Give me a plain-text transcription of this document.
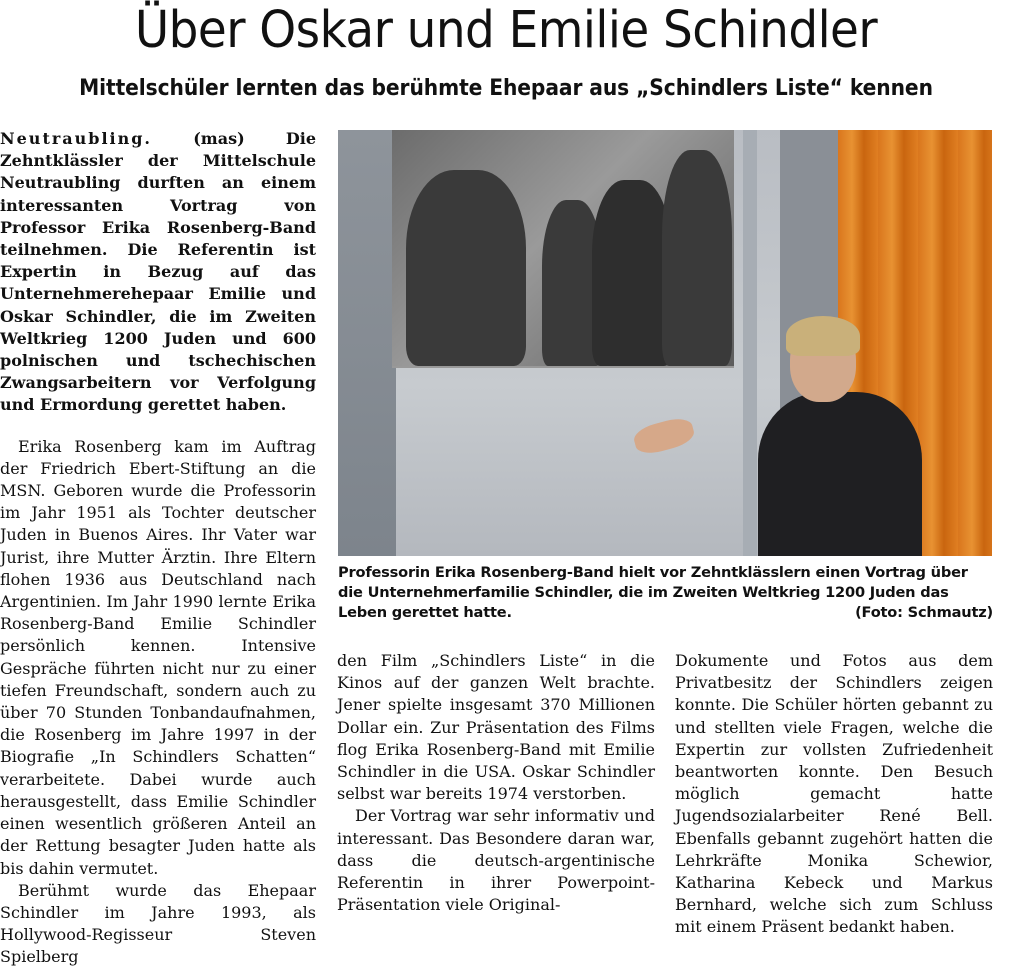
Über Oskar und Emilie Schindler
Mittelschüler lernten das berühmte Ehepaar aus „Schindlers Liste“ kennen

Neutraubling. (mas) Die Zehntklässler der Mittelschule Neutraubling durften an einem interessanten Vortrag von Professor Erika Rosenberg-Band teilnehmen. Die Referentin ist Expertin in Bezug auf das Unternehmerehepaar Emilie und Oskar Schindler, die im Zweiten Weltkrieg 1200 Juden und 600 polnischen und tschechischen Zwangsarbeitern vor Verfolgung und Ermordung gerettet haben.

Erika Rosenberg kam im Auftrag der Friedrich Ebert-Stiftung an die MSN. Geboren wurde die Professorin im Jahr 1951 als Tochter deutscher Juden in Buenos Aires. Ihr Vater war Jurist, ihre Mutter Ärztin. Ihre Eltern flohen 1936 aus Deutschland nach Argentinien. Im Jahr 1990 lernte Erika Rosenberg-Band Emilie Schindler persönlich kennen. Intensive Gespräche führten nicht nur zu einer tiefen Freundschaft, sondern auch zu über 70 Stunden Tonbandaufnahmen, die Rosenberg im Jahre 1997 in der Biografie „In Schindlers Schatten“ verarbeitete. Dabei wurde auch herausgestellt, dass Emilie Schindler einen wesentlich größeren Anteil an der Rettung besagter Juden hatte als bis dahin vermutet.

Berühmt wurde das Ehepaar Schindler im Jahre 1993, als Hollywood-Regisseur Steven Spielberg

Professorin Erika Rosenberg-Band hielt vor Zehntklässlern einen Vortrag über die Unternehmerfamilie Schindler, die im Zweiten Weltkrieg 1200 Juden das Leben gerettet hatte.	(Foto: Schmautz)

den Film „Schindlers Liste“ in die Kinos auf der ganzen Welt brachte. Jener spielte insgesamt 370 Millionen Dollar ein. Zur Präsentation des Films flog Erika Rosenberg-Band mit Emilie Schindler in die USA. Oskar Schindler selbst war bereits 1974 verstorben.

Der Vortrag war sehr informativ und interessant. Das Besondere daran war, dass die deutsch-argentinische Referentin in ihrer Powerpoint-Präsentation viele Original-

Dokumente und Fotos aus dem Privatbesitz der Schindlers zeigen konnte. Die Schüler hörten gebannt zu und stellten viele Fragen, welche die Expertin zur vollsten Zufriedenheit beantworten konnte. Den Besuch möglich gemacht hatte Jugendsozialarbeiter René Bell. Ebenfalls gebannt zugehört hatten die Lehrkräfte Monika Schewior, Katharina Kebeck und Markus Bernhard, welche sich zum Schluss mit einem Präsent bedankt haben.
